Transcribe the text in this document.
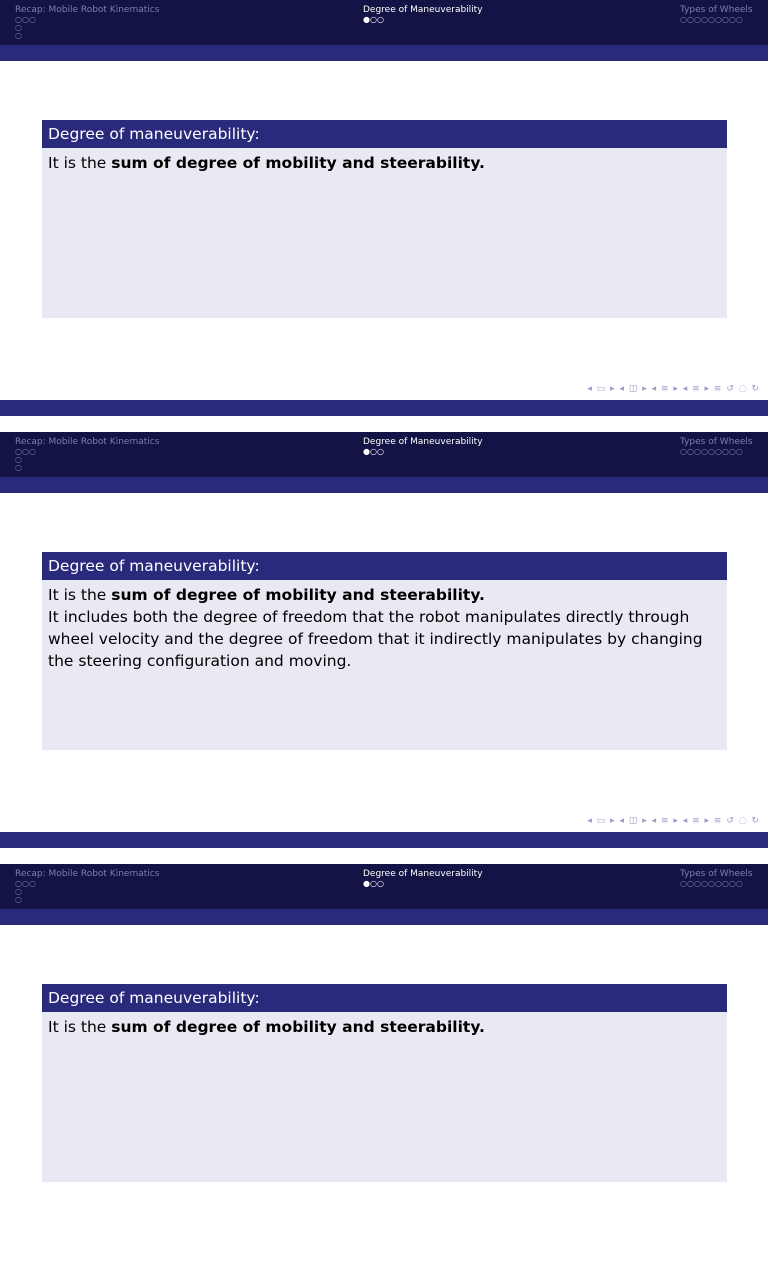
Recap: Mobile Robot Kinematics
○○○
○
○
Degree of Maneuverability
●○○
Types of Wheels
○○○○○○○○○
Degree of maneuverability:
It is the sum of degree of mobility and steerability.
◂ ▭ ▸ ◂ ◫ ▸ ◂ ≡ ▸ ◂ ≡ ▸ ≡ ↺ ◌ ↻
Recap: Mobile Robot Kinematics
○○○
○
○
Degree of Maneuverability
●○○
Types of Wheels
○○○○○○○○○
Degree of maneuverability:
It is the sum of degree of mobility and steerability.
It includes both the degree of freedom that the robot manipulates directly through wheel velocity and the degree of freedom that it indirectly manipulates by changing the steering configuration and moving.
◂ ▭ ▸ ◂ ◫ ▸ ◂ ≡ ▸ ◂ ≡ ▸ ≡ ↺ ◌ ↻
Recap: Mobile Robot Kinematics
○○○
○
○
Degree of Maneuverability
●○○
Types of Wheels
○○○○○○○○○
Degree of maneuverability:
It is the sum of degree of mobility and steerability.
